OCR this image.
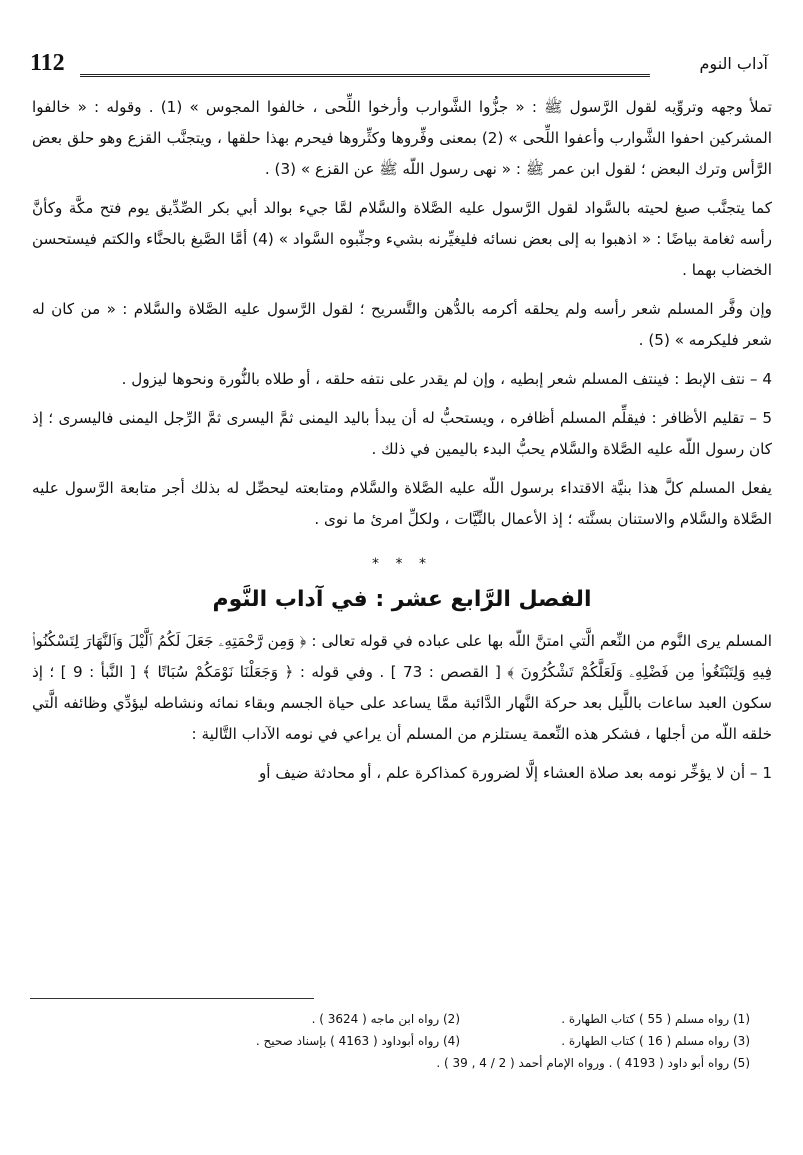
112	آداب النوم

تملأ وجهه وتروِّيه لقول الرَّسول ﷺ : « جزُّوا الشَّوارب وأرخوا اللِّحى ، خالفوا المجوس » (1) . وقوله : « خالفوا المشركين احفوا الشَّوارب وأعفوا اللِّحى » (2) بمعنى وفِّروها وكثِّروها فيحرم بهذا حلقها ، ويتجنَّب القزع وهو حلق بعض الرَّأس وترك البعض ؛ لقول ابن عمر ﷺ : « نهى رسول اللّه ﷺ عن القزع » (3) .

كما يتجنَّب صبغ لحيته بالسَّواد لقول الرَّسول عليه الصَّلاة والسَّلام لمَّا جيء بوالد أبي بكر الصِّدِّيق يوم فتح مكَّة وكأنَّ رأسه ثغامة بياضًا : « اذهبوا به إلى بعض نسائه فليغيِّرنه بشيء وجنِّبوه السَّواد » (4) أمَّا الصَّبغ بالحنَّاء والكتم فيستحسن الخضاب بهما .

وإن وفَّر المسلم شعر رأسه ولم يحلقه أكرمه بالدُّهن والتَّسريح ؛ لقول الرَّسول عليه الصَّلاة والسَّلام : « من كان له شعر فليكرمه » (5) .

4 – نتف الإبط : فينتف المسلم شعر إبطيه ، وإن لم يقدر على نتفه حلقه ، أو طلاه بالنُّورة ونحوها ليزول .

5 – تقليم الأظافر : فيقلِّم المسلم أظافره ، ويستحبُّ له أن يبدأ باليد اليمنى ثمَّ اليسرى ثمَّ الرِّجل اليمنى فاليسرى ؛ إذ كان رسول اللّه عليه الصَّلاة والسَّلام يحبُّ البدء باليمين في ذلك .

يفعل المسلم كلَّ هذا بنيَّة الاقتداء برسول اللّه عليه الصَّلاة والسَّلام ومتابعته ليحصِّل له بذلك أجر متابعة الرَّسول عليه الصَّلاة والسَّلام والاستنان بسنَّته ؛ إذ الأعمال بالنِّيَّات ، ولكلِّ امرئ ما نوى .

* * *
الفصل الرَّابع عشر : في آداب النَّوم

المسلم يرى النَّوم من النِّعم الَّتي امتنَّ اللّه بها على عباده في قوله تعالى : ﴿ وَمِن رَّحْمَتِهِۦ جَعَلَ لَكُمُ ٱلَّيْلَ وَٱلنَّهَارَ لِتَسْكُنُوا۟ فِيهِ وَلِتَبْتَغُوا۟ مِن فَضْلِهِۦ وَلَعَلَّكُمْ تَشْكُرُونَ ﴾ [ القصص : 73 ] . وفي قوله : ﴿ وَجَعَلْنَا نَوْمَكُمْ سُبَاتًا ﴾ [ النَّبأ : 9 ] ؛ إذ سكون العبد ساعات باللَّيل بعد حركة النَّهار الدَّائبة ممَّا يساعد على حياة الجسم وبقاء نمائه ونشاطه ليؤدِّي وظائفه الَّتي خلقه اللّه من أجلها ، فشكر هذه النِّعمة يستلزم من المسلم أن يراعي في نومه الآداب التَّالية :

1 – أن لا يؤخِّر نومه بعد صلاة العشاء إلَّا لضرورة كمذاكرة علم ، أو محادثة ضيف أو

(1) رواه مسلم ( 55 ) كتاب الطهارة .
(2) رواه ابن ماجه ( 3624 ) .
(3) رواه مسلم ( 16 ) كتاب الطهارة .
(4) رواه أبوداود ( 4163 ) بإسناد صحيح .
(5) رواه أبو داود ( 4193 ) . ورواه الإمام أحمد ( 2 / 4 , 39 ) .
